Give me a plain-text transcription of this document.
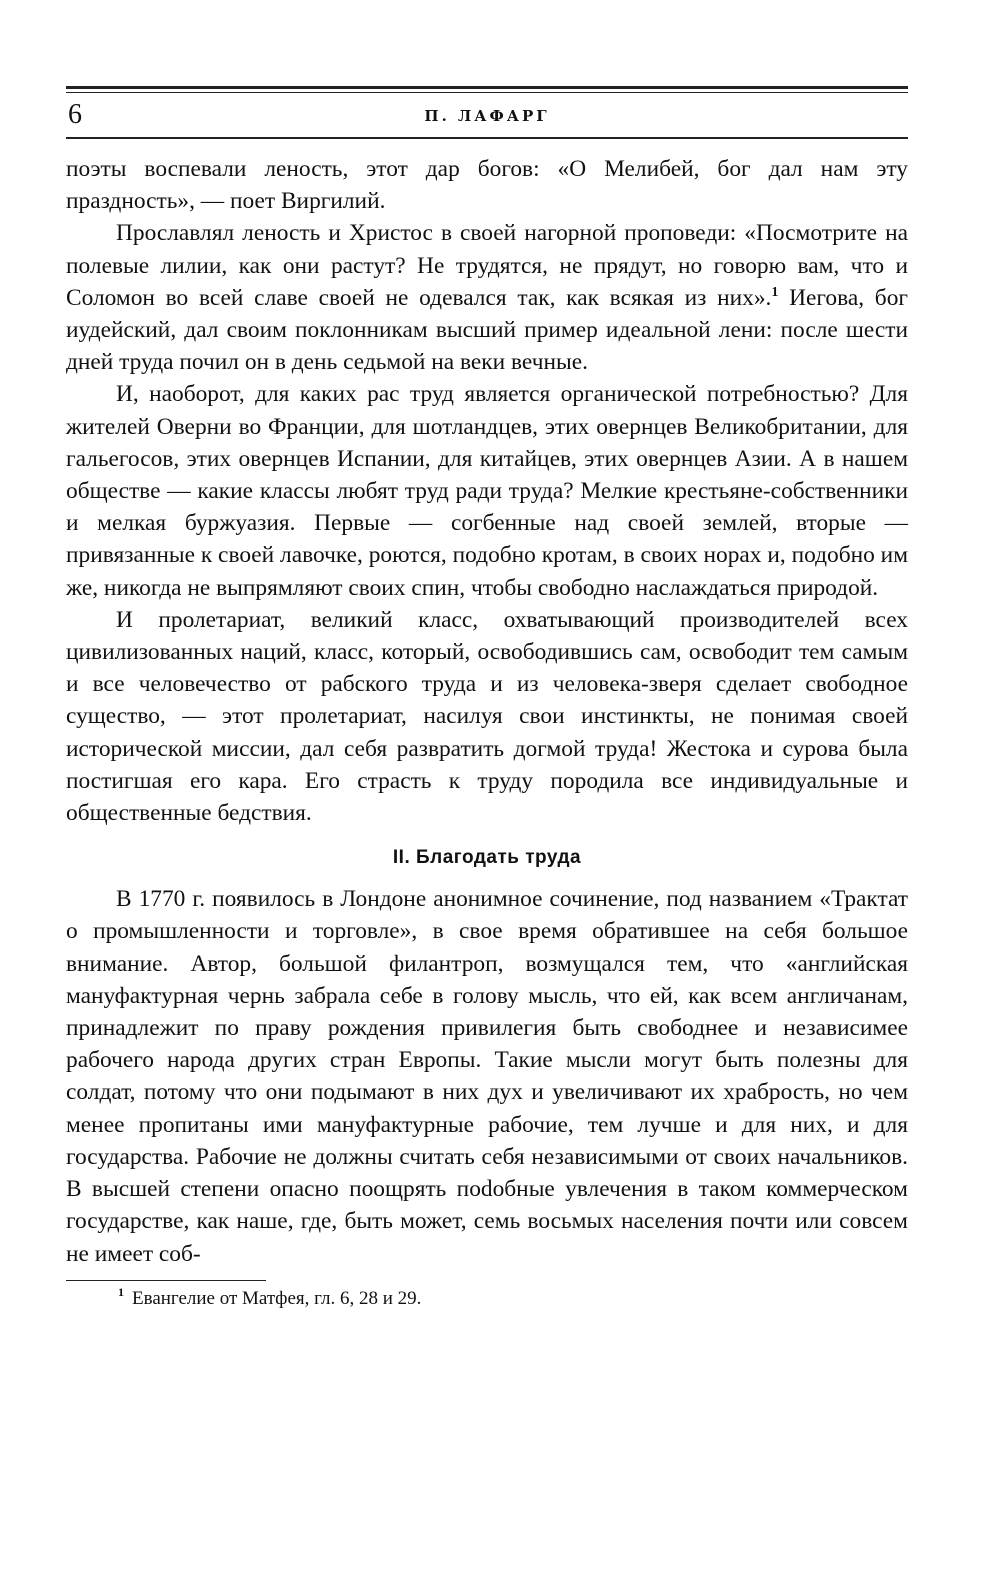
6	П. ЛАФАРГ

поэты воспевали леность, этот дар богов: «О Мелибей, бог дал нам эту праздность», — поет Виргилий.

Прославлял леность и Христос в своей нагорной проповеди: «Посмотрите на полевые лилии, как они растут? Не трудятся, не прядут, но говорю вам, что и Соломон во всей славе своей не одевался так, как всякая из них».$^1$ Иегова, бог иудейский, дал своим поклонникам высший пример идеальной лени: после шести дней труда почил он в день седьмой на веки вечные.

И, наоборот, для каких рас труд является органической потребностью? Для жителей Оверни во Франции, для шотландцев, этих овернцев Великобритании, для гальегосов, этих овернцев Испании, для китайцев, этих овернцев Азии. А в нашем обществе — какие классы любят труд ради труда? Мелкие крестьяне-собственники и мелкая буржуазия. Первые — согбенные над своей землей, вторые — привязанные к своей лавочке, роются, подобно кротам, в своих норах и, подобно им же, никогда не выпрямляют своих спин, чтобы свободно наслаждаться природой.

И пролетариат, великий класс, охватывающий производителей всех цивилизованных наций, класс, который, освободившись сам, освободит тем самым и все человечество от рабского труда и из человека-зверя сделает свободное существо, — этот пролетариат, насилуя свои инстинкты, не понимая своей исторической миссии, дал себя развратить догмой труда! Жестока и сурова была постигшая его кара. Его страсть к труду породила все индивидуальные и общественные бедствия.

II. Благодать труда

В 1770 г. появилось в Лондоне анонимное сочинение, под названием «Трактат о промышленности и торговле», в свое время обратившее на себя большое внимание. Автор, большой филантроп, возмущался тем, что «английская мануфактурная чернь забрала себе в голову мысль, что ей, как всем англичанам, принадлежит по праву рождения привилегия быть свободнее и независимее рабочего народа других стран Европы. Такие мысли могут быть полезны для солдат, потому что они подымают в них дух и увеличивают их храбрость, но чем менее пропитаны ими мануфактурные рабочие, тем лучше и для них, и для государства. Рабочие не должны считать себя независимыми от своих начальников. В высшей степени опасно поощрять поdобные увлечения в таком коммерческом государстве, как наше, где, быть может, семь восьмых населения почти или совсем не имеет соб-

$^1$ Евангелие от Матфея, гл. 6, 28 и 29.
